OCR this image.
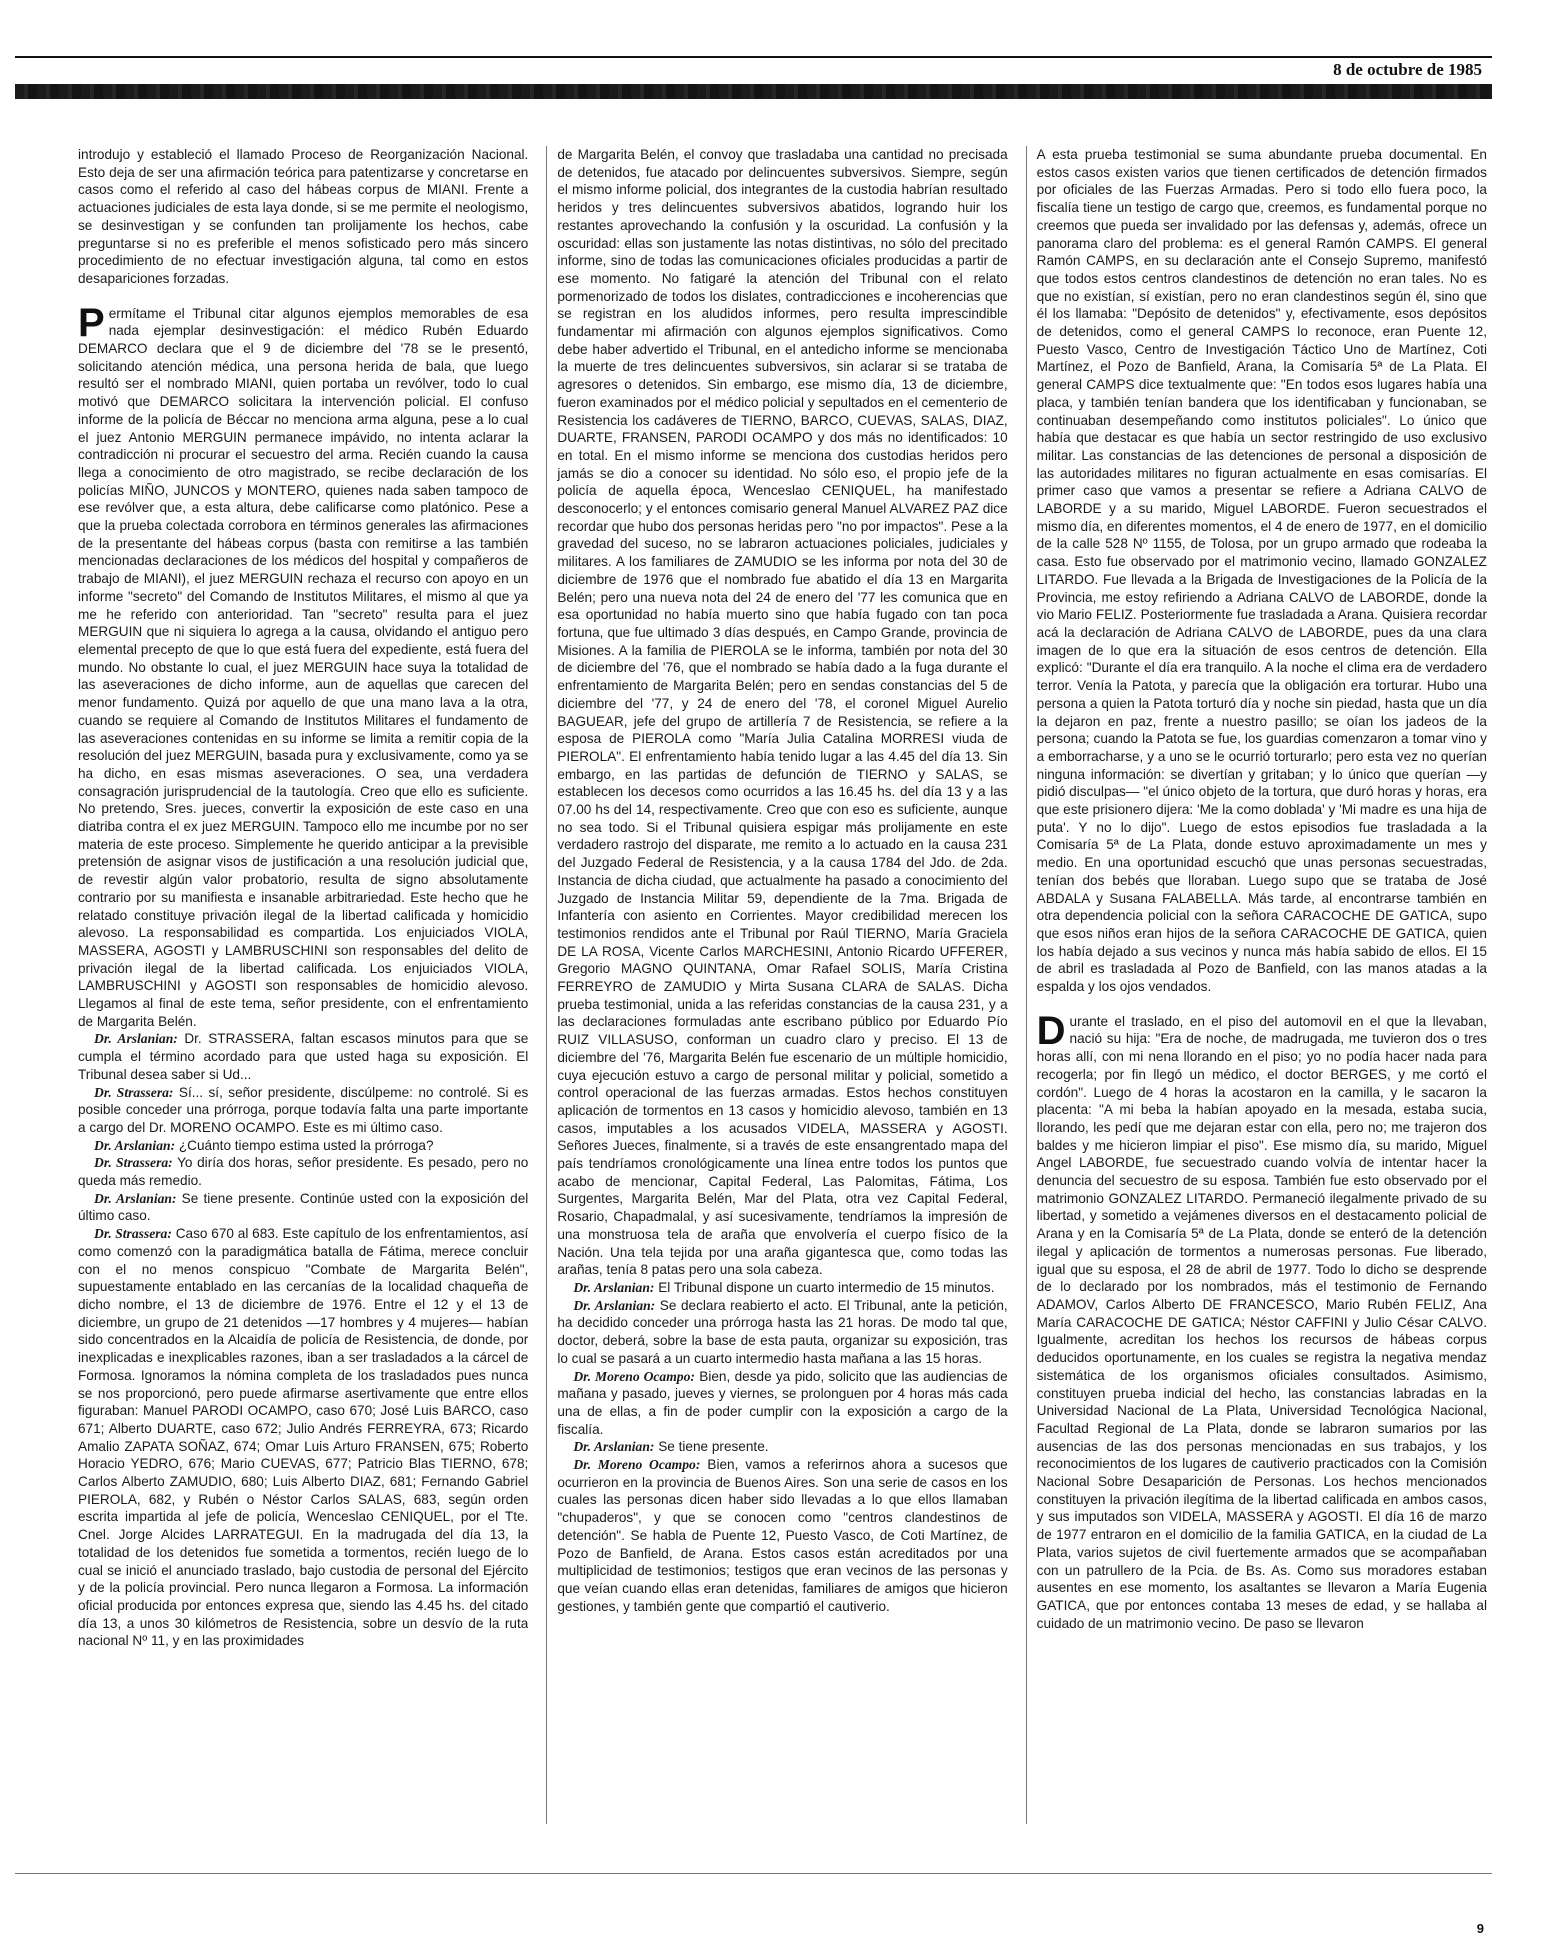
8 de octubre de 1985

introdujo y estableció el llamado Proceso de Reorganización Nacional. Esto deja de ser una afirmación teórica para patentizarse y concretarse en casos como el referido al caso del hábeas corpus de MIANI. Frente a actuaciones judiciales de esta laya donde, si se me permite el neologismo, se desinvestigan y se confunden tan prolijamente los hechos, cabe preguntarse si no es preferible el menos sofisticado pero más sincero procedimiento de no efectuar investigación alguna, tal como en estos desapariciones forzadas.

Permítame el Tribunal citar algunos ejemplos memorables de esa nada ejemplar desinvestigación: el médico Rubén Eduardo DEMARCO declara que el 9 de diciembre del '78 se le presentó, solicitando atención médica, una persona herida de bala, que luego resultó ser el nombrado MIANI, quien portaba un revólver, todo lo cual motivó que DEMARCO solicitara la intervención policial. El confuso informe de la policía de Béccar no menciona arma alguna, pese a lo cual el juez Antonio MERGUIN permanece impávido, no intenta aclarar la contradicción ni procurar el secuestro del arma. Recién cuando la causa llega a conocimiento de otro magistrado, se recibe declaración de los policías MIÑO, JUNCOS y MONTERO, quienes nada saben tampoco de ese revólver que, a esta altura, debe calificarse como platónico. Pese a que la prueba colectada corrobora en términos generales las afirmaciones de la presentante del hábeas corpus (basta con remitirse a las también mencionadas declaraciones de los médicos del hospital y compañeros de trabajo de MIANI), el juez MERGUIN rechaza el recurso con apoyo en un informe "secreto" del Comando de Institutos Militares, el mismo al que ya me he referido con anterioridad. Tan "secreto" resulta para el juez MERGUIN que ni siquiera lo agrega a la causa, olvidando el antiguo pero elemental precepto de que lo que está fuera del expediente, está fuera del mundo. No obstante lo cual, el juez MERGUIN hace suya la totalidad de las aseveraciones de dicho informe, aun de aquellas que carecen del menor fundamento. Quizá por aquello de que una mano lava a la otra, cuando se requiere al Comando de Institutos Militares el fundamento de las aseveraciones contenidas en su informe se limita a remitir copia de la resolución del juez MERGUIN, basada pura y exclusivamente, como ya se ha dicho, en esas mismas aseveraciones. O sea, una verdadera consagración jurisprudencial de la tautología. Creo que ello es suficiente. No pretendo, Sres. jueces, convertir la exposición de este caso en una diatriba contra el ex juez MERGUIN. Tampoco ello me incumbe por no ser materia de este proceso. Simplemente he querido anticipar a la previsible pretensión de asignar visos de justificación a una resolución judicial que, de revestir algún valor probatorio, resulta de signo absolutamente contrario por su manifiesta e insanable arbitrariedad. Este hecho que he relatado constituye privación ilegal de la libertad calificada y homicidio alevoso. La responsabilidad es compartida. Los enjuiciados VIOLA, MASSERA, AGOSTI y LAMBRUSCHINI son responsables del delito de privación ilegal de la libertad calificada. Los enjuiciados VIOLA, LAMBRUSCHINI y AGOSTI son responsables de homicidio alevoso. Llegamos al final de este tema, señor presidente, con el enfrentamiento de Margarita Belén.

Dr. Arslanian: Dr. STRASSERA, faltan escasos minutos para que se cumpla el término acordado para que usted haga su exposición. El Tribunal desea saber si Ud...

Dr. Strassera: Sí... sí, señor presidente, discúlpeme: no controlé. Si es posible conceder una prórroga, porque todavía falta una parte importante a cargo del Dr. MORENO OCAMPO. Este es mi último caso.

Dr. Arslanian: ¿Cuánto tiempo estima usted la prórroga?

Dr. Strassera: Yo diría dos horas, señor presidente. Es pesado, pero no queda más remedio.

Dr. Arslanian: Se tiene presente. Continúe usted con la exposición del último caso.

Dr. Strassera: Caso 670 al 683. Este capítulo de los enfrentamientos, así como comenzó con la paradigmática batalla de Fátima, merece concluir con el no menos conspicuo "Combate de Margarita Belén", supuestamente entablado en las cercanías de la localidad chaqueña de dicho nombre, el 13 de diciembre de 1976. Entre el 12 y el 13 de diciembre, un grupo de 21 detenidos —17 hombres y 4 mujeres— habían sido concentrados en la Alcaidía de policía de Resistencia, de donde, por inexplicadas e inexplicables razones, iban a ser trasladados a la cárcel de Formosa. Ignoramos la nómina completa de los trasladados pues nunca se nos proporcionó, pero puede afirmarse asertivamente que entre ellos figuraban: Manuel PARODI OCAMPO, caso 670; José Luis BARCO, caso 671; Alberto DUARTE, caso 672; Julio Andrés FERREYRA, 673; Ricardo Amalio ZAPATA SOÑAZ, 674; Omar Luis Arturo FRANSEN, 675; Roberto Horacio YEDRO, 676; Mario CUEVAS, 677; Patricio Blas TIERNO, 678; Carlos Alberto ZAMUDIO, 680; Luis Alberto DIAZ, 681; Fernando Gabriel PIEROLA, 682, y Rubén o Néstor Carlos SALAS, 683, según orden escrita impartida al jefe de policía, Wenceslao CENIQUEL, por el Tte. Cnel. Jorge Alcides LARRATEGUI. En la madrugada del día 13, la totalidad de los detenidos fue sometida a tormentos, recién luego de lo cual se inició el anunciado traslado, bajo custodia de personal del Ejército y de la policía provincial. Pero nunca llegaron a Formosa. La información oficial producida por entonces expresa que, siendo las 4.45 hs. del citado día 13, a unos 30 kilómetros de Resistencia, sobre un desvío de la ruta nacional Nº 11, y en las proximidades

de Margarita Belén, el convoy que trasladaba una cantidad no precisada de detenidos, fue atacado por delincuentes subversivos. Siempre, según el mismo informe policial, dos integrantes de la custodia habrían resultado heridos y tres delincuentes subversivos abatidos, logrando huir los restantes aprovechando la confusión y la oscuridad. La confusión y la oscuridad: ellas son justamente las notas distintivas, no sólo del precitado informe, sino de todas las comunicaciones oficiales producidas a partir de ese momento. No fatigaré la atención del Tribunal con el relato pormenorizado de todos los dislates, contradicciones e incoherencias que se registran en los aludidos informes, pero resulta imprescindible fundamentar mi afirmación con algunos ejemplos significativos. Como debe haber advertido el Tribunal, en el antedicho informe se mencionaba la muerte de tres delincuentes subversivos, sin aclarar si se trataba de agresores o detenidos. Sin embargo, ese mismo día, 13 de diciembre, fueron examinados por el médico policial y sepultados en el cementerio de Resistencia los cadáveres de TIERNO, BARCO, CUEVAS, SALAS, DIAZ, DUARTE, FRANSEN, PARODI OCAMPO y dos más no identificados: 10 en total. En el mismo informe se menciona dos custodias heridos pero jamás se dio a conocer su identidad. No sólo eso, el propio jefe de la policía de aquella época, Wenceslao CENIQUEL, ha manifestado desconocerlo; y el entonces comisario general Manuel ALVAREZ PAZ dice recordar que hubo dos personas heridas pero "no por impactos". Pese a la gravedad del suceso, no se labraron actuaciones policiales, judiciales y militares. A los familiares de ZAMUDIO se les informa por nota del 30 de diciembre de 1976 que el nombrado fue abatido el día 13 en Margarita Belén; pero una nueva nota del 24 de enero del '77 les comunica que en esa oportunidad no había muerto sino que había fugado con tan poca fortuna, que fue ultimado 3 días después, en Campo Grande, provincia de Misiones. A la familia de PIEROLA se le informa, también por nota del 30 de diciembre del '76, que el nombrado se había dado a la fuga durante el enfrentamiento de Margarita Belén; pero en sendas constancias del 5 de diciembre del '77, y 24 de enero del '78, el coronel Miguel Aurelio BAGUEAR, jefe del grupo de artillería 7 de Resistencia, se refiere a la esposa de PIEROLA como "María Julia Catalina MORRESI viuda de PIEROLA". El enfrentamiento había tenido lugar a las 4.45 del día 13. Sin embargo, en las partidas de defunción de TIERNO y SALAS, se establecen los decesos como ocurridos a las 16.45 hs. del día 13 y a las 07.00 hs del 14, respectivamente. Creo que con eso es suficiente, aunque no sea todo. Si el Tribunal quisiera espigar más prolijamente en este verdadero rastrojo del disparate, me remito a lo actuado en la causa 231 del Juzgado Federal de Resistencia, y a la causa 1784 del Jdo. de 2da. Instancia de dicha ciudad, que actualmente ha pasado a conocimiento del Juzgado de Instancia Militar 59, dependiente de la 7ma. Brigada de Infantería con asiento en Corrientes. Mayor credibilidad merecen los testimonios rendidos ante el Tribunal por Raúl TIERNO, María Graciela DE LA ROSA, Vicente Carlos MARCHESINI, Antonio Ricardo UFFERER, Gregorio MAGNO QUINTANA, Omar Rafael SOLIS, María Cristina FERREYRO de ZAMUDIO y Mirta Susana CLARA de SALAS. Dicha prueba testimonial, unida a las referidas constancias de la causa 231, y a las declaraciones formuladas ante escribano público por Eduardo Pío RUIZ VILLASUSO, conforman un cuadro claro y preciso. El 13 de diciembre del '76, Margarita Belén fue escenario de un múltiple homicidio, cuya ejecución estuvo a cargo de personal militar y policial, sometido a control operacional de las fuerzas armadas. Estos hechos constituyen aplicación de tormentos en 13 casos y homicidio alevoso, también en 13 casos, imputables a los acusados VIDELA, MASSERA y AGOSTI. Señores Jueces, finalmente, si a través de este ensangrentado mapa del país tendríamos cronológicamente una línea entre todos los puntos que acabo de mencionar, Capital Federal, Las Palomitas, Fátima, Los Surgentes, Margarita Belén, Mar del Plata, otra vez Capital Federal, Rosario, Chapadmalal, y así sucesivamente, tendríamos la impresión de una monstruosa tela de araña que envolvería el cuerpo físico de la Nación. Una tela tejida por una araña gigantesca que, como todas las arañas, tenía 8 patas pero una sola cabeza.

Dr. Arslanian: El Tribunal dispone un cuarto intermedio de 15 minutos.

Dr. Arslanian: Se declara reabierto el acto. El Tribunal, ante la petición, ha decidido conceder una prórroga hasta las 21 horas. De modo tal que, doctor, deberá, sobre la base de esta pauta, organizar su exposición, tras lo cual se pasará a un cuarto intermedio hasta mañana a las 15 horas.

Dr. Moreno Ocampo: Bien, desde ya pido, solicito que las audiencias de mañana y pasado, jueves y viernes, se prolonguen por 4 horas más cada una de ellas, a fin de poder cumplir con la exposición a cargo de la fiscalía.

Dr. Arslanian: Se tiene presente.

Dr. Moreno Ocampo: Bien, vamos a referirnos ahora a sucesos que ocurrieron en la provincia de Buenos Aires. Son una serie de casos en los cuales las personas dicen haber sido llevadas a lo que ellos llamaban "chupaderos", y que se conocen como "centros clandestinos de detención". Se habla de Puente 12, Puesto Vasco, de Coti Martínez, de Pozo de Banfield, de Arana. Estos casos están acreditados por una multiplicidad de testimonios; testigos que eran vecinos de las personas y que veían cuando ellas eran detenidas, familiares de amigos que hicieron gestiones, y también gente que compartió el cautiverio.

A esta prueba testimonial se suma abundante prueba documental. En estos casos existen varios que tienen certificados de detención firmados por oficiales de las Fuerzas Armadas. Pero si todo ello fuera poco, la fiscalía tiene un testigo de cargo que, creemos, es fundamental porque no creemos que pueda ser invalidado por las defensas y, además, ofrece un panorama claro del problema: es el general Ramón CAMPS. El general Ramón CAMPS, en su declaración ante el Consejo Supremo, manifestó que todos estos centros clandestinos de detención no eran tales. No es que no existían, sí existían, pero no eran clandestinos según él, sino que él los llamaba: "Depósito de detenidos" y, efectivamente, esos depósitos de detenidos, como el general CAMPS lo reconoce, eran Puente 12, Puesto Vasco, Centro de Investigación Táctico Uno de Martínez, Coti Martínez, el Pozo de Banfield, Arana, la Comisaría 5ª de La Plata. El general CAMPS dice textualmente que: "En todos esos lugares había una placa, y también tenían bandera que los identificaban y funcionaban, se continuaban desempeñando como institutos policiales". Lo único que había que destacar es que había un sector restringido de uso exclusivo militar. Las constancias de las detenciones de personal a disposición de las autoridades militares no figuran actualmente en esas comisarías. El primer caso que vamos a presentar se refiere a Adriana CALVO de LABORDE y a su marido, Miguel LABORDE. Fueron secuestrados el mismo día, en diferentes momentos, el 4 de enero de 1977, en el domicilio de la calle 528 Nº 1155, de Tolosa, por un grupo armado que rodeaba la casa. Esto fue observado por el matrimonio vecino, llamado GONZALEZ LITARDO. Fue llevada a la Brigada de Investigaciones de la Policía de la Provincia, me estoy refiriendo a Adriana CALVO de LABORDE, donde la vio Mario FELIZ. Posteriormente fue trasladada a Arana. Quisiera recordar acá la declaración de Adriana CALVO de LABORDE, pues da una clara imagen de lo que era la situación de esos centros de detención. Ella explicó: "Durante el día era tranquilo. A la noche el clima era de verdadero terror. Venía la Patota, y parecía que la obligación era torturar. Hubo una persona a quien la Patota torturó día y noche sin piedad, hasta que un día la dejaron en paz, frente a nuestro pasillo; se oían los jadeos de la persona; cuando la Patota se fue, los guardias comenzaron a tomar vino y a emborracharse, y a uno se le ocurrió torturarlo; pero esta vez no querían ninguna información: se divertían y gritaban; y lo único que querían —y pidió disculpas— "el único objeto de la tortura, que duró horas y horas, era que este prisionero dijera: 'Me la como doblada' y 'Mi madre es una hija de puta'. Y no lo dijo". Luego de estos episodios fue trasladada a la Comisaría 5ª de La Plata, donde estuvo aproximadamente un mes y medio. En una oportunidad escuchó que unas personas secuestradas, tenían dos bebés que lloraban. Luego supo que se trataba de José ABDALA y Susana FALABELLA. Más tarde, al encontrarse también en otra dependencia policial con la señora CARACOCHE DE GATICA, supo que esos niños eran hijos de la señora CARACOCHE DE GATICA, quien los había dejado a sus vecinos y nunca más había sabido de ellos. El 15 de abril es trasladada al Pozo de Banfield, con las manos atadas a la espalda y los ojos vendados.

Durante el traslado, en el piso del automovil en el que la llevaban, nació su hija: "Era de noche, de madrugada, me tuvieron dos o tres horas allí, con mi nena llorando en el piso; yo no podía hacer nada para recogerla; por fin llegó un médico, el doctor BERGES, y me cortó el cordón". Luego de 4 horas la acostaron en la camilla, y le sacaron la placenta: "A mi beba la habían apoyado en la mesada, estaba sucia, llorando, les pedí que me dejaran estar con ella, pero no; me trajeron dos baldes y me hicieron limpiar el piso". Ese mismo día, su marido, Miguel Angel LABORDE, fue secuestrado cuando volvía de intentar hacer la denuncia del secuestro de su esposa. También fue esto observado por el matrimonio GONZALEZ LITARDO. Permaneció ilegalmente privado de su libertad, y sometido a vejámenes diversos en el destacamento policial de Arana y en la Comisaría 5ª de La Plata, donde se enteró de la detención ilegal y aplicación de tormentos a numerosas personas. Fue liberado, igual que su esposa, el 28 de abril de 1977. Todo lo dicho se desprende de lo declarado por los nombrados, más el testimonio de Fernando ADAMOV, Carlos Alberto DE FRANCESCO, Mario Rubén FELIZ, Ana María CARACOCHE DE GATICA; Néstor CAFFINI y Julio César CALVO. Igualmente, acreditan los hechos los recursos de hábeas corpus deducidos oportunamente, en los cuales se registra la negativa mendaz sistemática de los organismos oficiales consultados. Asimismo, constituyen prueba indicial del hecho, las constancias labradas en la Universidad Nacional de La Plata, Universidad Tecnológica Nacional, Facultad Regional de La Plata, donde se labraron sumarios por las ausencias de las dos personas mencionadas en sus trabajos, y los reconocimientos de los lugares de cautiverio practicados con la Comisión Nacional Sobre Desaparición de Personas. Los hechos mencionados constituyen la privación ilegítima de la libertad calificada en ambos casos, y sus imputados son VIDELA, MASSERA y AGOSTI. El día 16 de marzo de 1977 entraron en el domicilio de la familia GATICA, en la ciudad de La Plata, varios sujetos de civil fuertemente armados que se acompañaban con un patrullero de la Pcia. de Bs. As. Como sus moradores estaban ausentes en ese momento, los asaltantes se llevaron a María Eugenia GATICA, que por entonces contaba 13 meses de edad, y se hallaba al cuidado de un matrimonio vecino. De paso se llevaron

9
